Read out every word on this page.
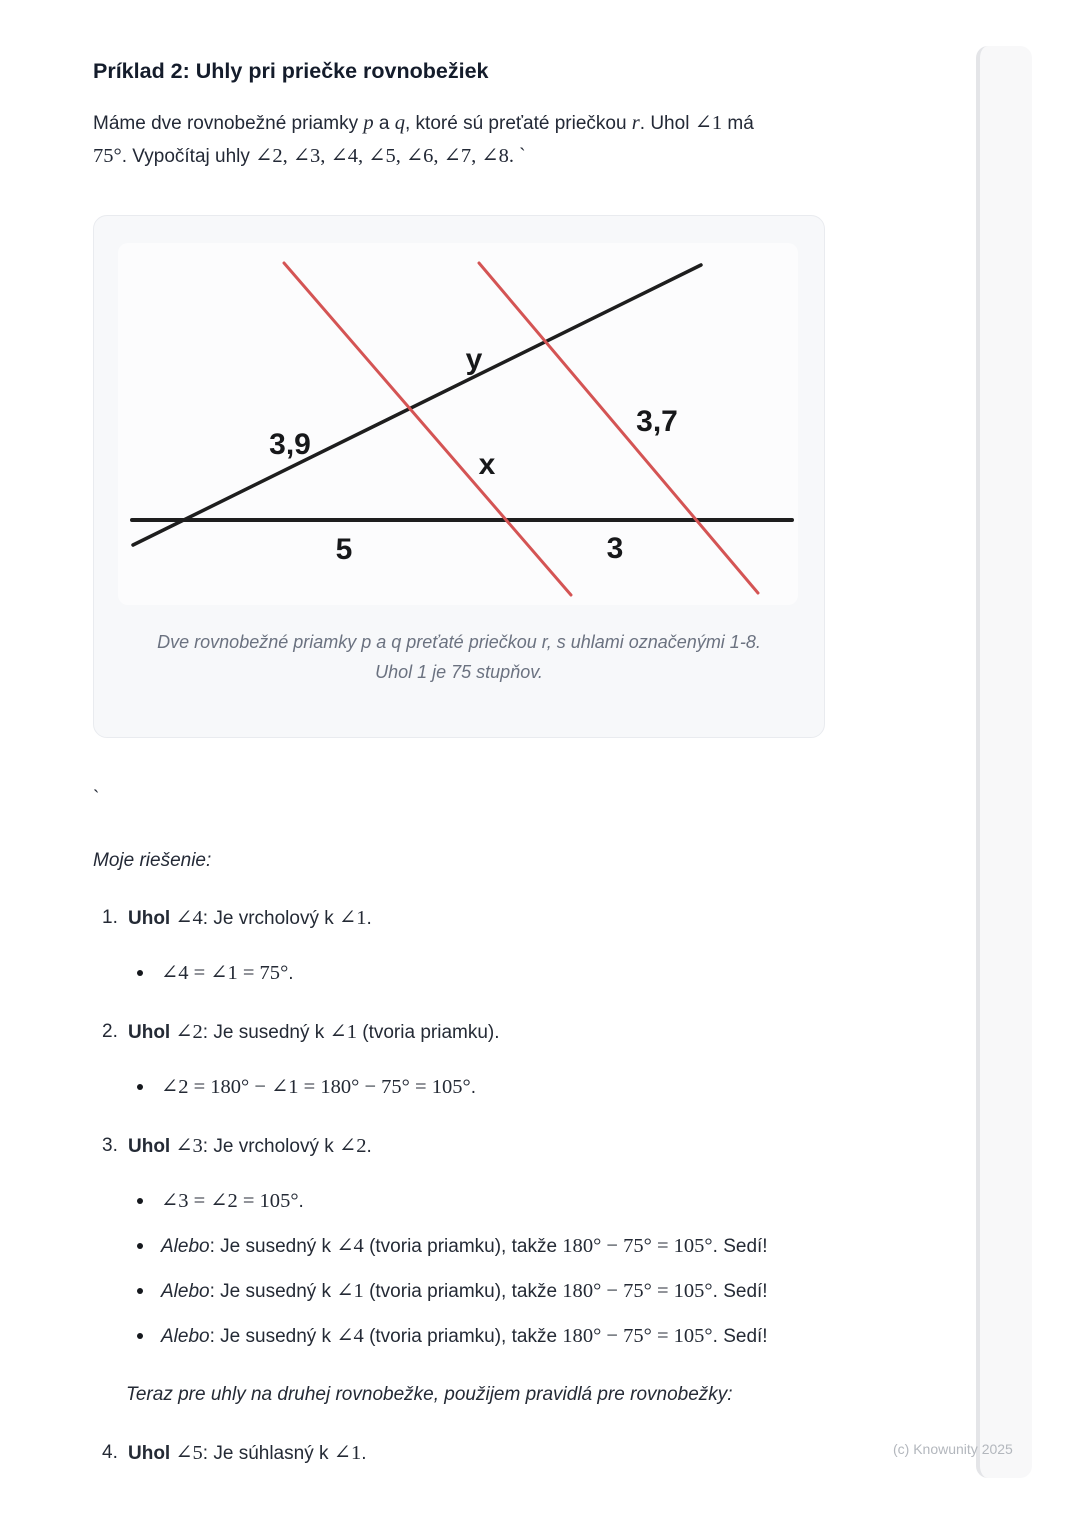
Príklad 2: Uhly pri priečke rovnobežiek
Máme dve rovnobežné priamky p a q, ktoré sú preťaté priečkou r. Uhol ∠1 má
75°. Vypočítaj uhly ∠2, ∠3, ∠4, ∠5, ∠6, ∠7, ∠8. `
y
3,9
3,7
x
5	3
Dve rovnobežné priamky p a q preťaté priečkou r, s uhlami označenými 1-8.
Uhol 1 je 75 stupňov.
`
Moje riešenie:
1. Uhol ∠4: Je vrcholový k ∠1.
∠4 = ∠1 = 75°.
2. Uhol ∠2: Je susedný k ∠1 (tvoria priamku).
∠2 = 180° − ∠1 = 180° − 75° = 105°.
3. Uhol ∠3: Je vrcholový k ∠2.
∠3 = ∠2 = 105°.
Alebo: Je susedný k ∠4 (tvoria priamku), takže 180° − 75° = 105°. Sedí!
Alebo: Je susedný k ∠1 (tvoria priamku), takže 180° − 75° = 105°. Sedí!
Alebo: Je susedný k ∠4 (tvoria priamku), takže 180° − 75° = 105°. Sedí!
Teraz pre uhly na druhej rovnobežke, použijem pravidlá pre rovnobežky:
4. Uhol ∠5: Je súhlasný k ∠1.	(c) Knowunity 2025
